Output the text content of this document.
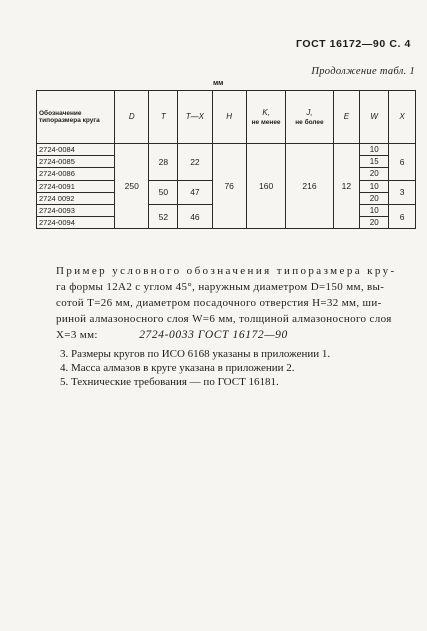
ГОСТ 16172—90 С. 4
Продолжение табл. 1
мм
Обозначение типоразмера круга	D	T	T—X	H	K,
не менее	J,
не более	E	W	X
2724-0084	250	28	22	76	160	216	12	10	6
2724-0085								15	
2724-0086								20	
2724-0091		50	47					10	3
2724 0092								20	
2724-0093		52	46					10	6
2724-0094								20	
Пример условного обозначения типоразмера кру-
га формы 12А2 с углом 45°, наружным диаметром D=150 мм, вы-
сотой T=26 мм, диаметром посадочного отверстия H=32 мм, ши-
риной алмазоносного слоя W=6 мм, толщиной алмазоносного слоя
X=3 мм:	2724-0033 ГОСТ 16172—90
3. Размеры кругов по ИСО 6168 указаны в приложении 1.
4. Масса алмазов в круге указана в приложении 2.
5. Технические требования — по ГОСТ 16181.
